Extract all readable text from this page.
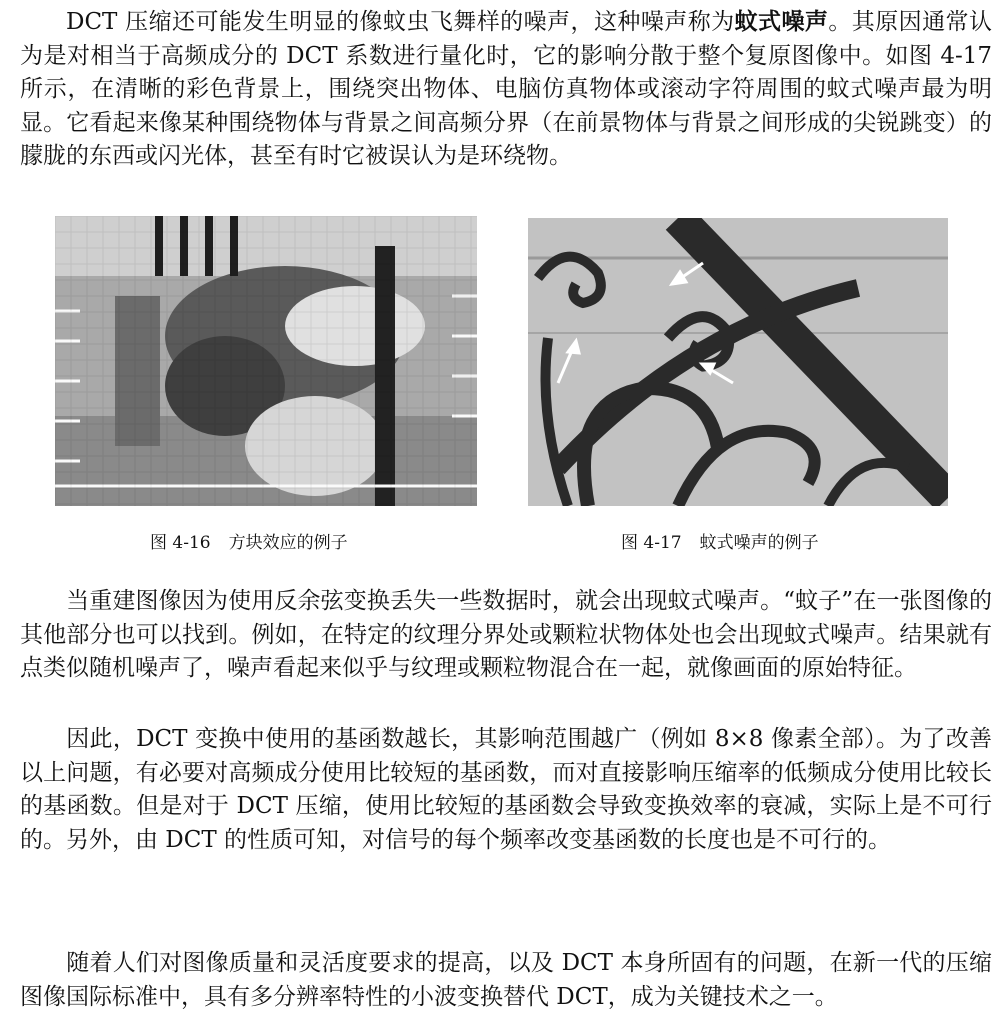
DCT 压缩还可能发生明显的像蚊虫飞舞样的噪声，这种噪声称为蚊式噪声。其原因通常认为是对相当于高频成分的 DCT 系数进行量化时，它的影响分散于整个复原图像中。如图 4-17 所示，在清晰的彩色背景上，围绕突出物体、电脑仿真物体或滚动字符周围的蚊式噪声最为明显。它看起来像某种围绕物体与背景之间高频分界（在前景物体与背景之间形成的尖锐跳变）的朦胧的东西或闪光体，甚至有时它被误认为是环绕物。

图 4-16 方块效应的例子	图 4-17 蚊式噪声的例子

当重建图像因为使用反余弦变换丢失一些数据时，就会出现蚊式噪声。“蚊子”在一张图像的其他部分也可以找到。例如，在特定的纹理分界处或颗粒状物体处也会出现蚊式噪声。结果就有点类似随机噪声了，噪声看起来似乎与纹理或颗粒物混合在一起，就像画面的原始特征。

因此，DCT 变换中使用的基函数越长，其影响范围越广（例如 8×8 像素全部）。为了改善以上问题，有必要对高频成分使用比较短的基函数，而对直接影响压缩率的低频成分使用比较长的基函数。但是对于 DCT 压缩，使用比较短的基函数会导致变换效率的衰减，实际上是不可行的。另外，由 DCT 的性质可知，对信号的每个频率改变基函数的长度也是不可行的。

随着人们对图像质量和灵活度要求的提高，以及 DCT 本身所固有的问题，在新一代的压缩图像国际标准中，具有多分辨率特性的小波变换替代 DCT，成为关键技术之一。
